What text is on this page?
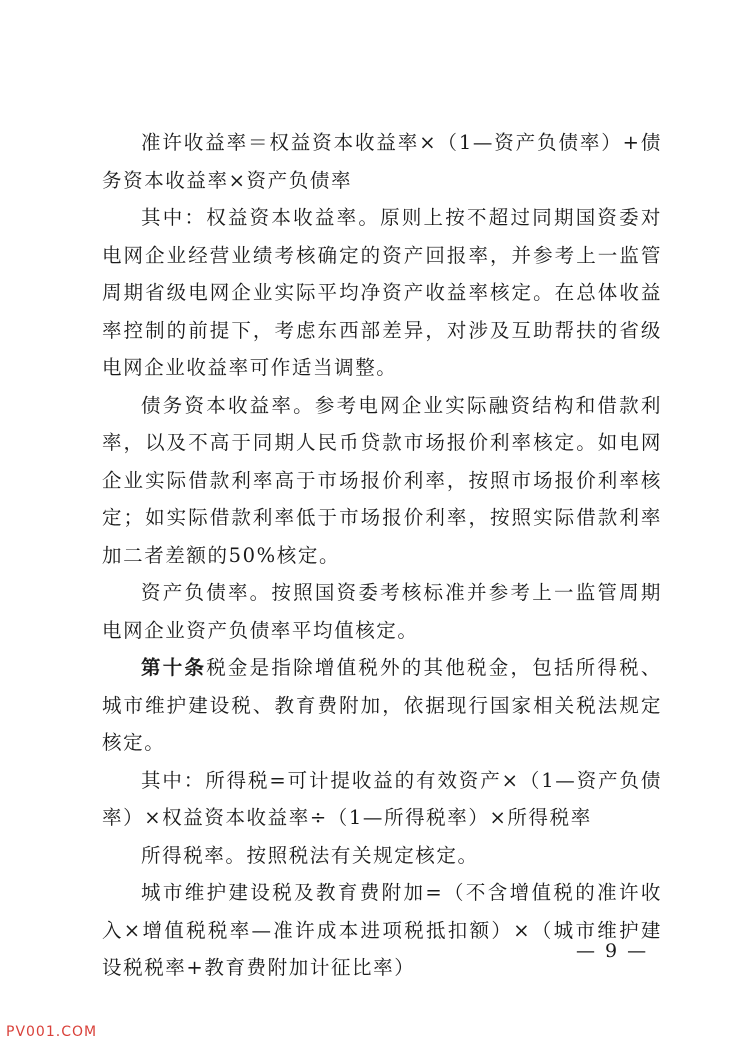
准许收益率＝权益资本收益率×（1—资产负债率）+债务资本收益率×资产负债率

其中：权益资本收益率。原则上按不超过同期国资委对电网企业经营业绩考核确定的资产回报率，并参考上一监管周期省级电网企业实际平均净资产收益率核定。在总体收益率控制的前提下，考虑东西部差异，对涉及互助帮扶的省级电网企业收益率可作适当调整。

债务资本收益率。参考电网企业实际融资结构和借款利率，以及不高于同期人民币贷款市场报价利率核定。如电网企业实际借款利率高于市场报价利率，按照市场报价利率核定；如实际借款利率低于市场报价利率，按照实际借款利率加二者差额的50%核定。

资产负债率。按照国资委考核标准并参考上一监管周期电网企业资产负债率平均值核定。

第十条税金是指除增值税外的其他税金，包括所得税、城市维护建设税、教育费附加，依据现行国家相关税法规定核定。

其中：所得税=可计提收益的有效资产×（1—资产负债率）×权益资本收益率÷（1—所得税率）×所得税率

所得税率。按照税法有关规定核定。

城市维护建设税及教育费附加=（不含增值税的准许收入×增值税税率—准许成本进项税抵扣额）×（城市维护建设税税率+教育费附加计征比率）

— 9 —
PV001.COM
